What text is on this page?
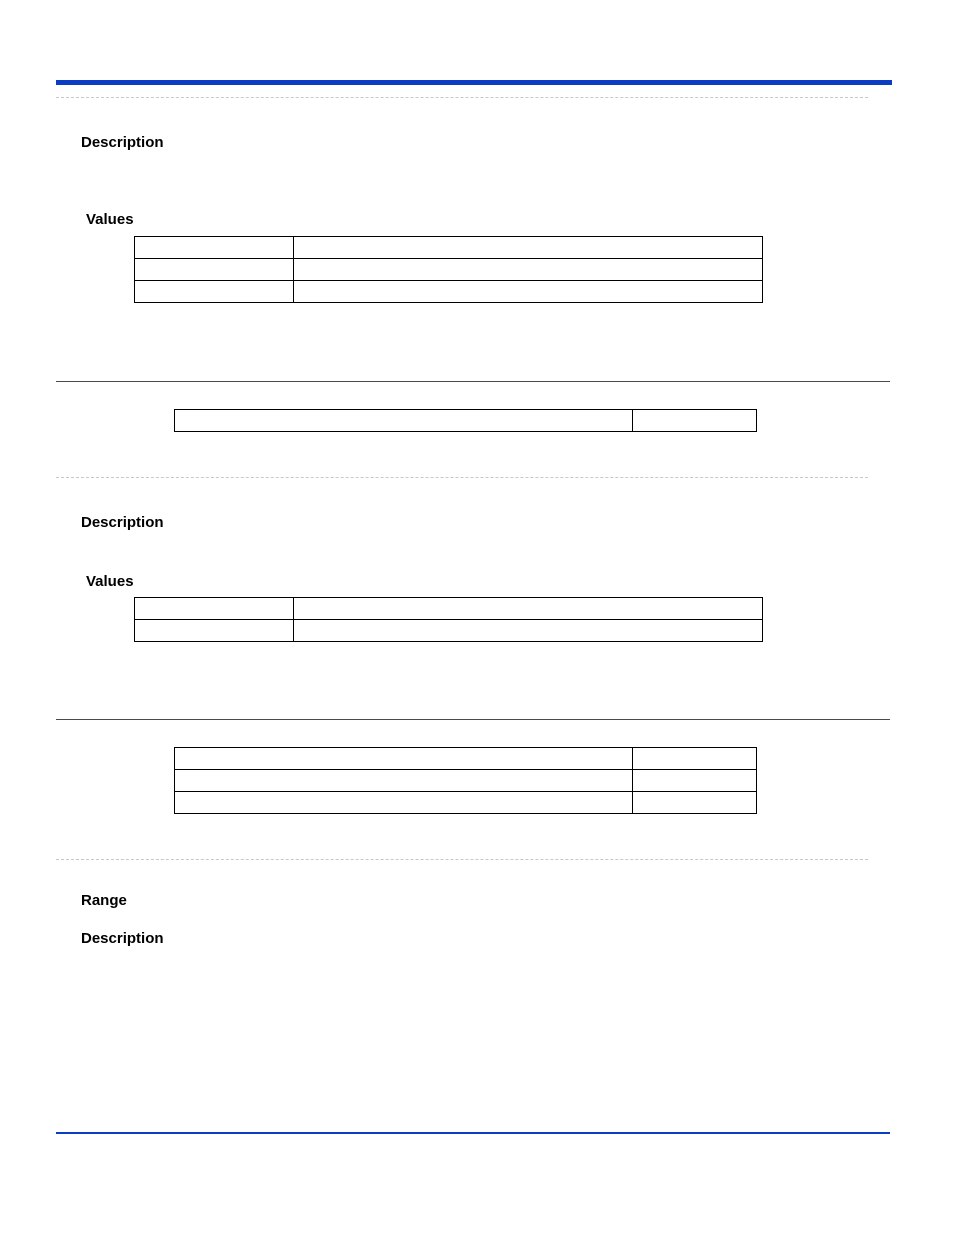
Description
Values

Description
Values

Range
Description
